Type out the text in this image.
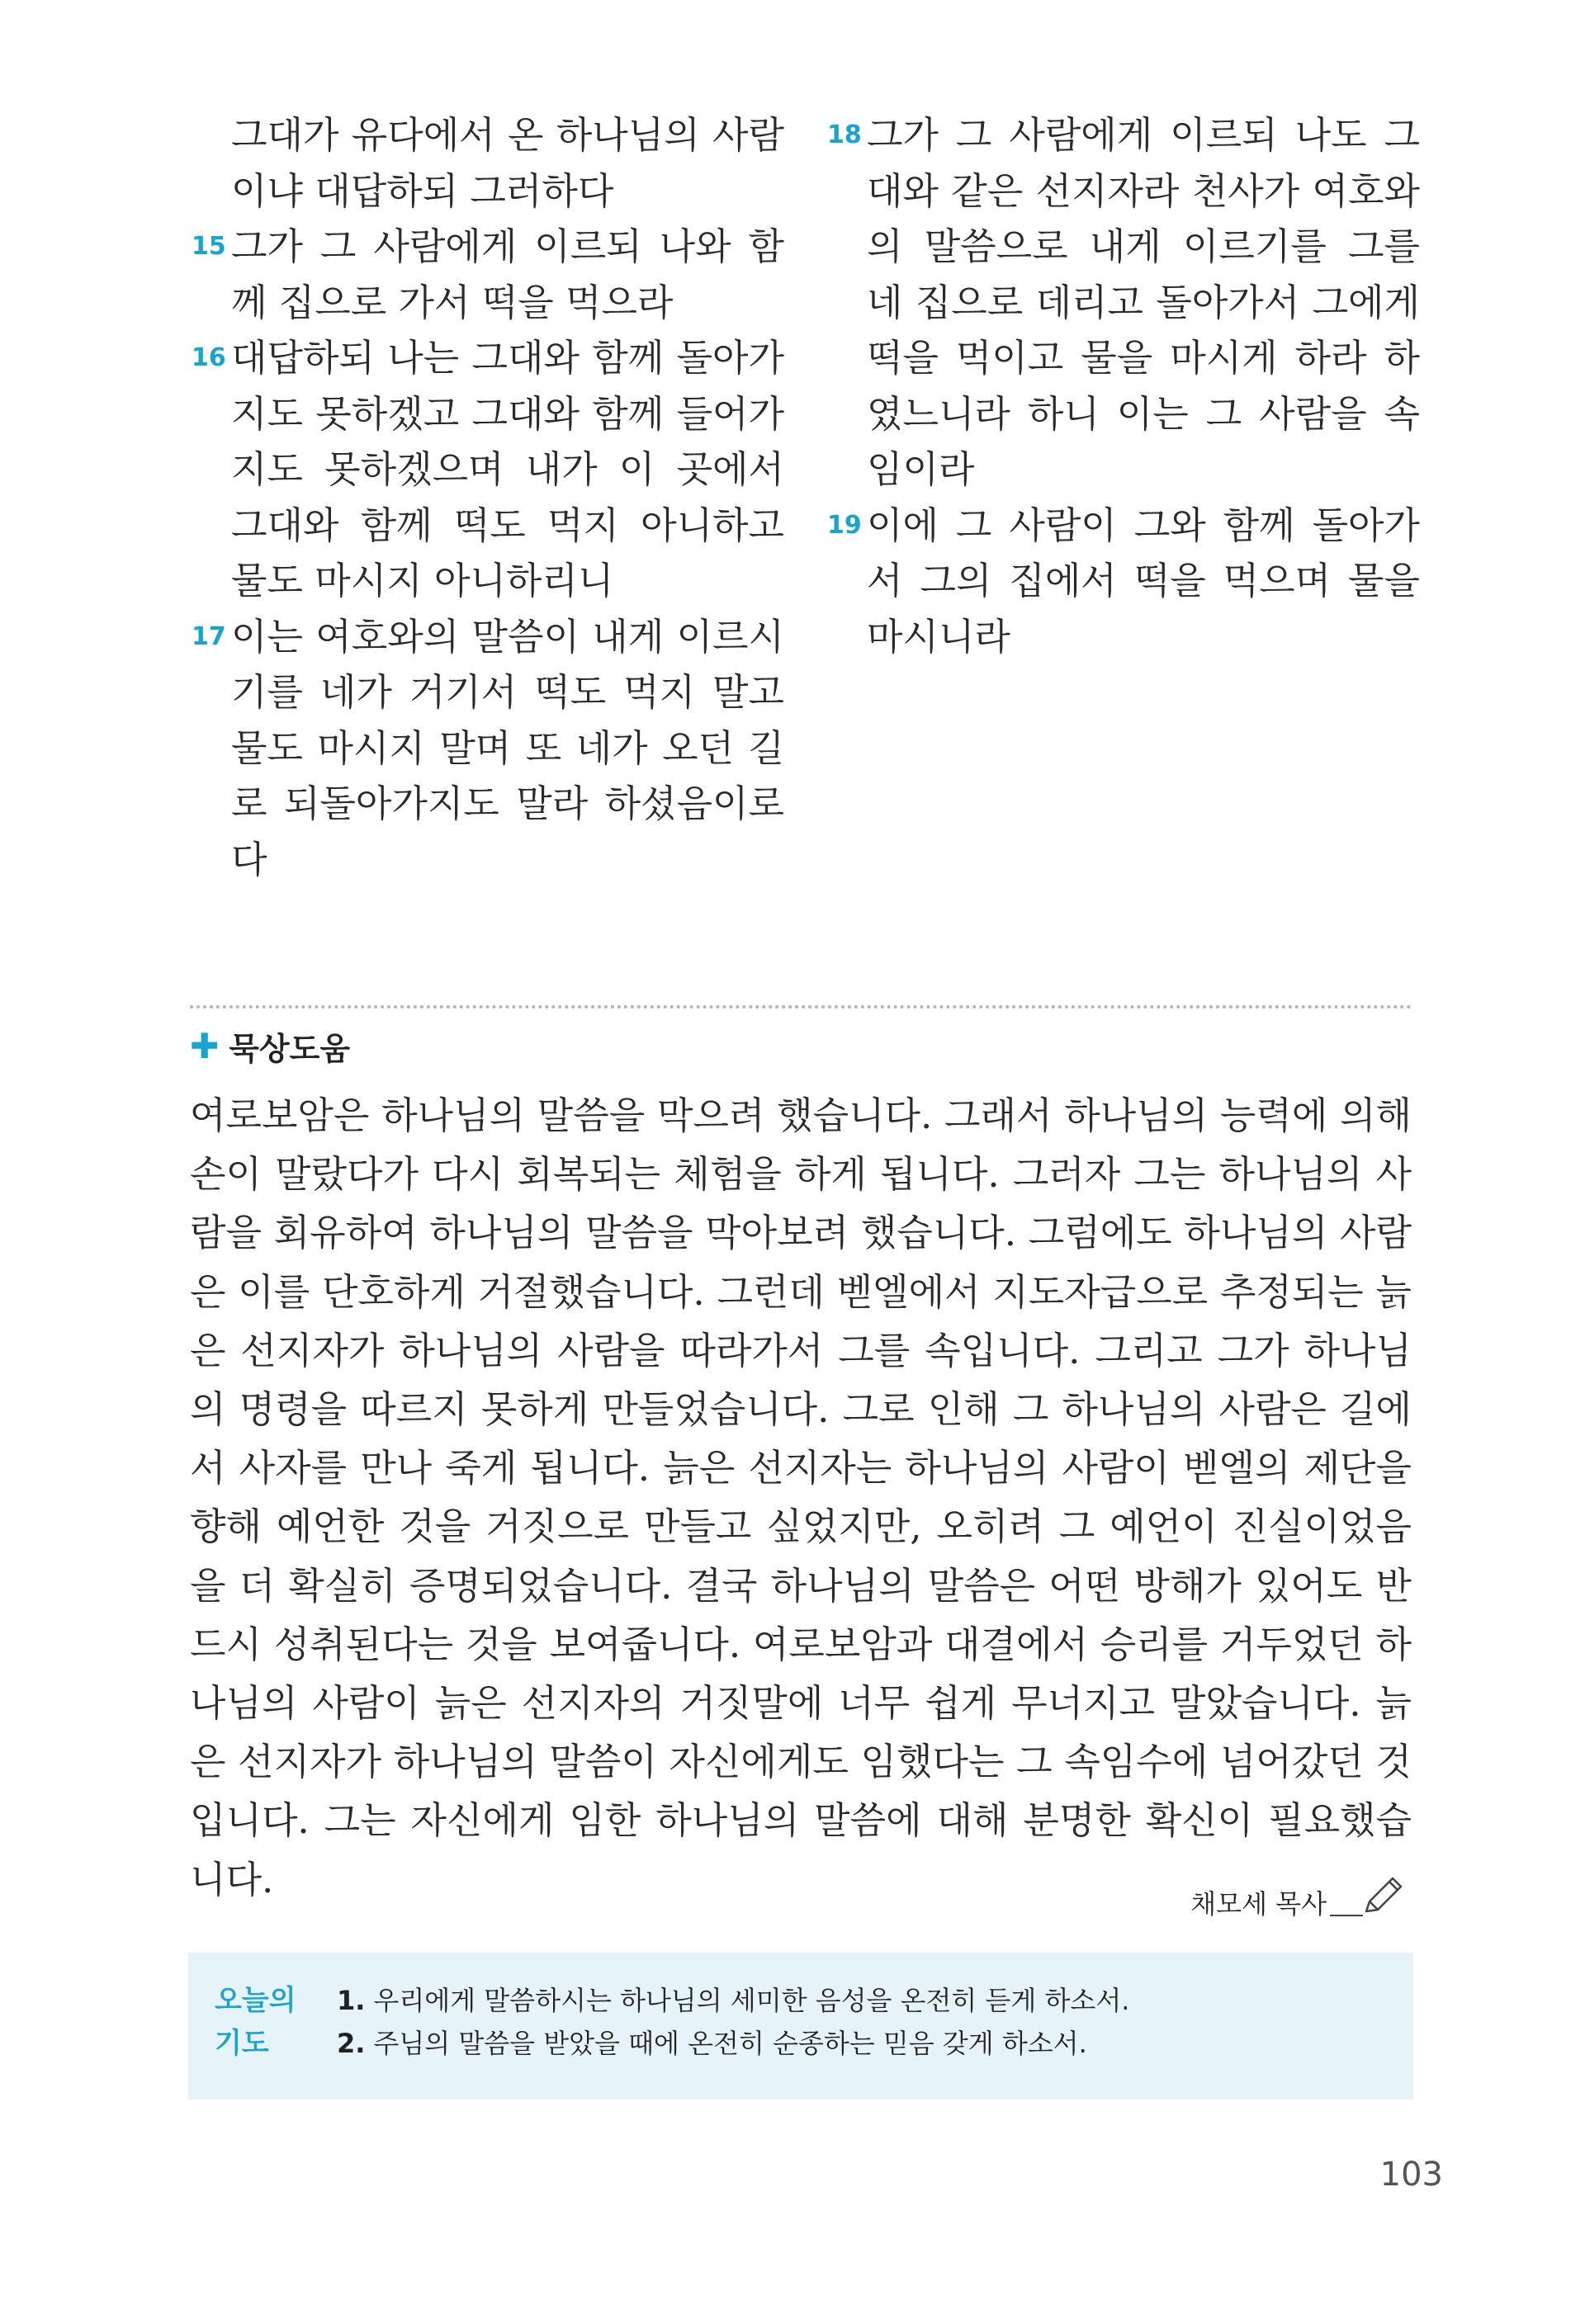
그대가 유다에서 온 하나님의 사람이냐 대답하되 그러하다
15 그가 그 사람에게 이르되 나와 함께 집으로 가서 떡을 먹으라
16 대답하되 나는 그대와 함께 돌아가지도 못하겠고 그대와 함께 들어가지도 못하겠으며 내가 이 곳에서 그대와 함께 떡도 먹지 아니하고 물도 마시지 아니하리니
17 이는 여호와의 말씀이 내게 이르시기를 네가 거기서 떡도 먹지 말고 물도 마시지 말며 또 네가 오던 길로 되돌아가지도 말라 하셨음이로다
18 그가 그 사람에게 이르되 나도 그대와 같은 선지자라 천사가 여호와의 말씀으로 내게 이르기를 그를 네 집으로 데리고 돌아가서 그에게 떡을 먹이고 물을 마시게 하라 하였느니라 하니 이는 그 사람을 속임이라
19 이에 그 사람이 그와 함께 돌아가서 그의 집에서 떡을 먹으며 물을 마시니라
✚ 묵상도움
여로보암은 하나님의 말씀을 막으려 했습니다. 그래서 하나님의 능력에 의해 손이 말랐다가 다시 회복되는 체험을 하게 됩니다. 그러자 그는 하나님의 사람을 회유하여 하나님의 말씀을 막아보려 했습니다. 그럼에도 하나님의 사람은 이를 단호하게 거절했습니다. 그런데 벧엘에서 지도자급으로 추정되는 늙은 선지자가 하나님의 사람을 따라가서 그를 속입니다. 그리고 그가 하나님의 명령을 따르지 못하게 만들었습니다. 그로 인해 그 하나님의 사람은 길에서 사자를 만나 죽게 됩니다. 늙은 선지자는 하나님의 사람이 벧엘의 제단을 향해 예언한 것을 거짓으로 만들고 싶었지만, 오히려 그 예언이 진실이었음을 더 확실히 증명되었습니다. 결국 하나님의 말씀은 어떤 방해가 있어도 반드시 성취된다는 것을 보여줍니다. 여로보암과 대결에서 승리를 거두었던 하나님의 사람이 늙은 선지자의 거짓말에 너무 쉽게 무너지고 말았습니다. 늙은 선지자가 하나님의 말씀이 자신에게도 임했다는 그 속임수에 넘어갔던 것입니다. 그는 자신에게 임한 하나님의 말씀에 대해 분명한 확신이 필요했습니다.
채모세 목사
오늘의 기도
1. 우리에게 말씀하시는 하나님의 세미한 음성을 온전히 듣게 하소서.
2. 주님의 말씀을 받았을 때에 온전히 순종하는 믿음 갖게 하소서.
103
